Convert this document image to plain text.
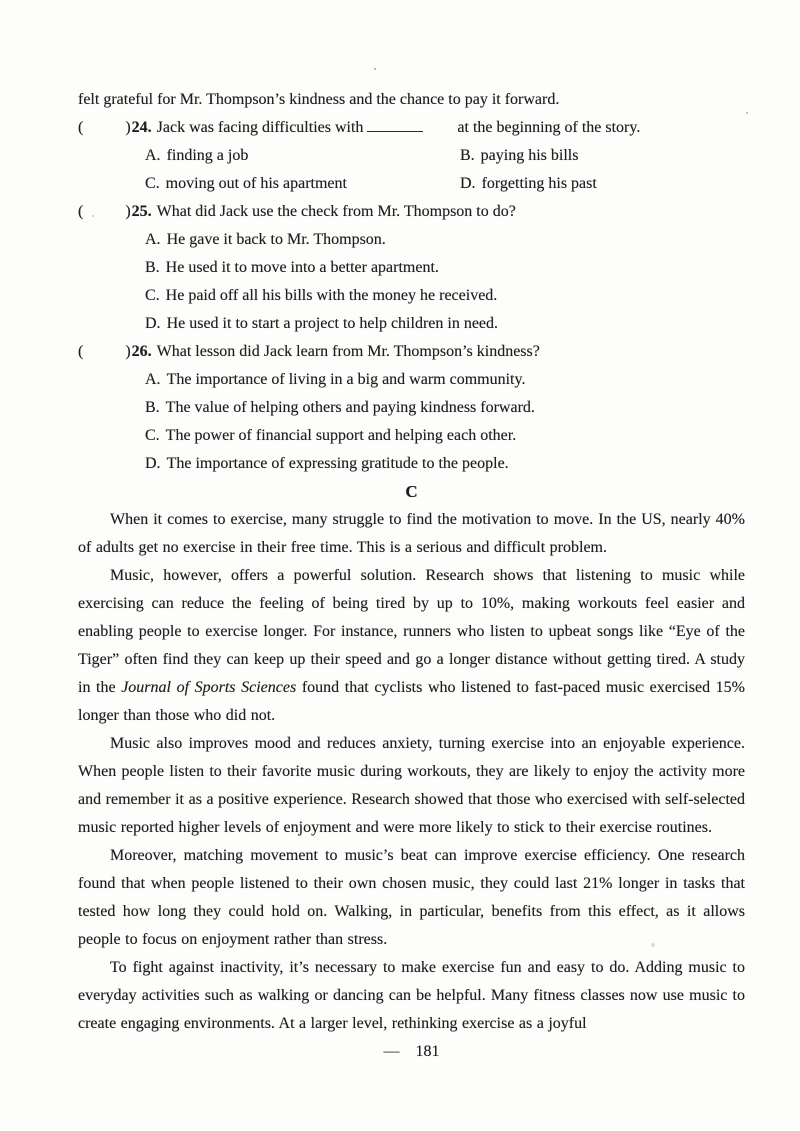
felt grateful for Mr. Thompson’s kindness and the chance to pay it forward.

(	)24. Jack was facing difficulties with	at the beginning of the story.
A. finding a job	B. paying his bills
C. moving out of his apartment	D. forgetting his past
(	)25. What did Jack use the check from Mr. Thompson to do?
A. He gave it back to Mr. Thompson.
B. He used it to move into a better apartment.
C. He paid off all his bills with the money he received.
D. He used it to start a project to help children in need.
(	)26. What lesson did Jack learn from Mr. Thompson’s kindness?
A. The importance of living in a big and warm community.
B. The value of helping others and paying kindness forward.
C. The power of financial support and helping each other.
D. The importance of expressing gratitude to the people.
C

When it comes to exercise, many struggle to find the motivation to move. In the US, nearly 40% of adults get no exercise in their free time. This is a serious and difficult problem.

Music, however, offers a powerful solution. Research shows that listening to music while exercising can reduce the feeling of being tired by up to 10%, making workouts feel easier and enabling people to exercise longer. For instance, runners who listen to upbeat songs like “Eye of the Tiger” often find they can keep up their speed and go a longer distance without getting tired. A study in the Journal of Sports Sciences found that cyclists who listened to fast-paced music exercised 15% longer than those who did not.

Music also improves mood and reduces anxiety, turning exercise into an enjoyable experience. When people listen to their favorite music during workouts, they are likely to enjoy the activity more and remember it as a positive experience. Research showed that those who exercised with self-selected music reported higher levels of enjoyment and were more likely to stick to their exercise routines.

Moreover, matching movement to music’s beat can improve exercise efficiency. One research found that when people listened to their own chosen music, they could last 21% longer in tasks that tested how long they could hold on. Walking, in particular, benefits from this effect, as it allows people to focus on enjoyment rather than stress.

To fight against inactivity, it’s necessary to make exercise fun and easy to do. Adding music to everyday activities such as walking or dancing can be helpful. Many fitness classes now use music to create engaging environments. At a larger level, rethinking exercise as a joyful

— 181
